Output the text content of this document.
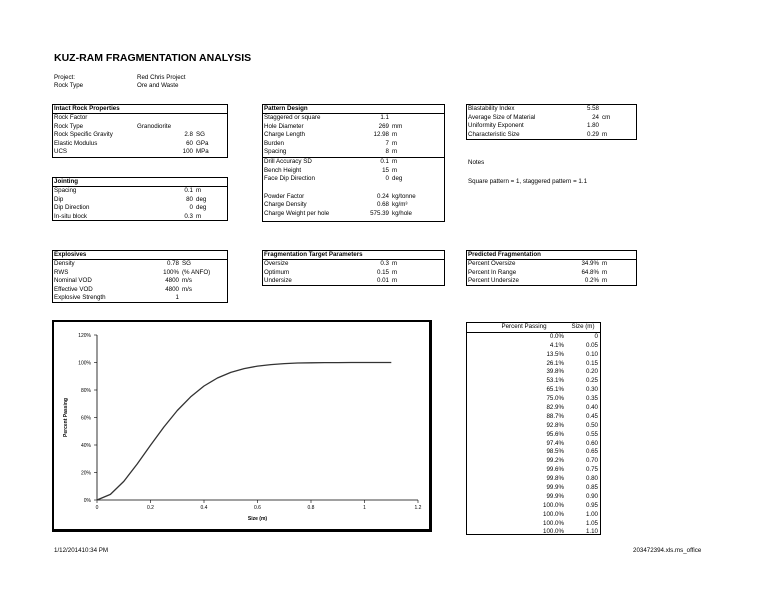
KUZ-RAM FRAGMENTATION ANALYSIS
Project:	Red Chris Project
Rock Type	Ore and Waste
Intact Rock Properties
Rock Factor
Rock Type	Granodiorite
Rock Specific Gravity	2.8 SG
Elastic Modulus	60 GPa
UCS	100 MPa
Jointing
Spacing	0.1 m
Dip	80 deg
Dip Direction	0 deg
In-situ block	0.3 m
Pattern Design
Staggered or square	1.1
Hole Diameter	269 mm
Charge Length	12.98 m
Burden	7 m
Spacing	8 m
Drill Accuracy SD	0.1 m
Bench Height	15 m
Face Dip Direction	0 deg
Powder Factor	0.24 kg/tonne
Charge Density	0.68 kg/m³
Charge Weight per hole	575.39 kg/hole
Blastability Index	5.58
Average Size of Material	24 cm
Uniformity Exponent	1.80
Characteristic Size	0.29 m
Notes
Square pattern = 1, staggered pattern = 1.1
Explosives
Density	0.78 SG
RWS	100% (% ANFO)
Nominal VOD	4800 m/s
Effective VOD	4800 m/s
Explosive Strength	1
Fragmentation Target Parameters
Oversize	0.3 m
Optimum	0.15 m
Undersize	0.01 m
Predicted Fragmentation
Percent Oversize	34.9% m
Percent In Range	64.8% m
Percent Undersize	0.2% m
0%
20%
40%
60%
80%
100%
120%
0	0.2	0.4	0.6	0.8	1	1.2
Size (m)
Percent Passing
Percent Passing	Size (m)
0.0%	0
4.1%	0.05
13.5%	0.10
26.1%	0.15
39.8%	0.20
53.1%	0.25
65.1%	0.30
75.0%	0.35
82.9%	0.40
88.7%	0.45
92.8%	0.50
95.6%	0.55
97.4%	0.60
98.5%	0.65
99.2%	0.70
99.6%	0.75
99.8%	0.80
99.9%	0.85
99.9%	0.90
100.0%	0.95
100.0%	1.00
100.0%	1.05
100.0%	1.10
1/12/201410:34 PM	203472394.xls.ms_office
